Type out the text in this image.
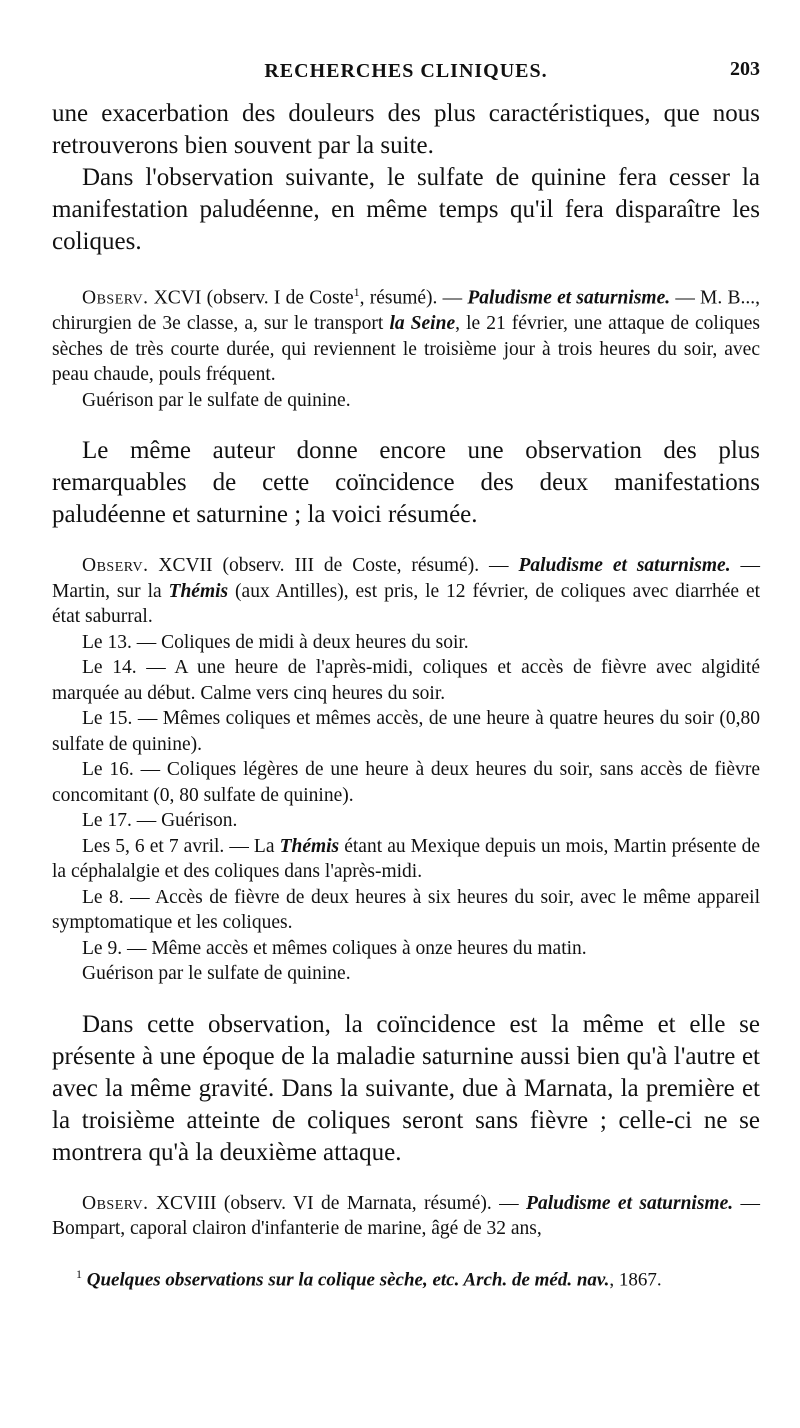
RECHERCHES CLINIQUES.	203

une exacerbation des douleurs des plus caractéristiques, que nous retrouverons bien souvent par la suite.

Dans l'observation suivante, le sulfate de quinine fera cesser la manifestation paludéenne, en même temps qu'il fera disparaître les coliques.

Observ. XCVI (observ. I de Coste$^1$, résumé). — Paludisme et saturnisme. — M. B..., chirurgien de 3e classe, a, sur le transport la Seine, le 21 février, une attaque de coliques sèches de très courte durée, qui reviennent le troisième jour à trois heures du soir, avec peau chaude, pouls fréquent.

Guérison par le sulfate de quinine.

Le même auteur donne encore une observation des plus remarquables de cette coïncidence des deux manifestations paludéenne et saturnine ; la voici résumée.

Observ. XCVII (observ. III de Coste, résumé). — Paludisme et saturnisme. — Martin, sur la Thémis (aux Antilles), est pris, le 12 février, de coliques avec diarrhée et état saburral.

Le 13. — Coliques de midi à deux heures du soir.

Le 14. — A une heure de l'après-midi, coliques et accès de fièvre avec algidité marquée au début. Calme vers cinq heures du soir.

Le 15. — Mêmes coliques et mêmes accès, de une heure à quatre heures du soir (0,80 sulfate de quinine).

Le 16. — Coliques légères de une heure à deux heures du soir, sans accès de fièvre concomitant (0, 80 sulfate de quinine).

Le 17. — Guérison.

Les 5, 6 et 7 avril. — La Thémis étant au Mexique depuis un mois, Martin présente de la céphalalgie et des coliques dans l'après-midi.

Le 8. — Accès de fièvre de deux heures à six heures du soir, avec le même appareil symptomatique et les coliques.

Le 9. — Même accès et mêmes coliques à onze heures du matin.

Guérison par le sulfate de quinine.

Dans cette observation, la coïncidence est la même et elle se présente à une époque de la maladie saturnine aussi bien qu'à l'autre et avec la même gravité. Dans la suivante, due à Marnata, la première et la troisième atteinte de coliques seront sans fièvre ; celle-ci ne se montrera qu'à la deuxième attaque.

Observ. XCVIII (observ. VI de Marnata, résumé). — Paludisme et saturnisme. — Bompart, caporal clairon d'infanterie de marine, âgé de 32 ans,

$^1$ Quelques observations sur la colique sèche, etc. Arch. de méd. nav., 1867.
